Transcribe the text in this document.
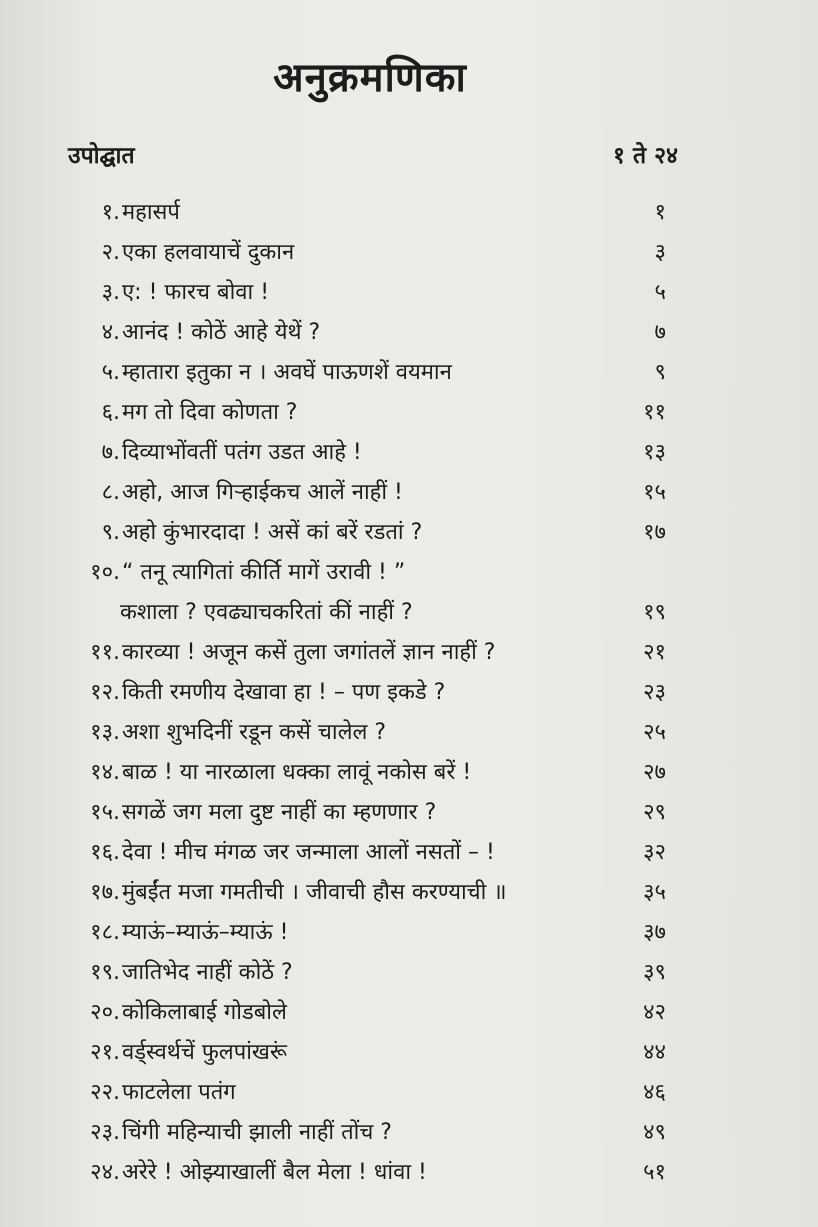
अनुक्रमणिका
उपोद्घात	१ ते २४
१. महासर्प	१
२. एका हलवायाचें दुकान	३
३. ए: ! फारच बोवा !	५
४. आनंद ! कोठें आहे येथें ?	७
५. म्हातारा इतुका न । अवघें पाऊणशें वयमान	९
६. मग तो दिवा कोणता ?	११
७. दिव्याभोंवतीं पतंग उडत आहे !	१३
८. अहो, आज गिऱ्हाईकच आलें नाहीं !	१५
९. अहो कुंभारदादा ! असें कां बरें रडतां ?	१७
१०. “ तनू त्यागितां कीर्ति मागें उरावी ! ”
कशाला ? एवढ्याचकरितां कीं नाहीं ?	१९
११. कारव्या ! अजून कसें तुला जगांतलें ज्ञान नाहीं ?	२१
१२. किती रमणीय देखावा हा ! – पण इकडे ?	२३
१३. अशा शुभदिनीं रडून कसें चालेल ?	२५
१४. बाळ ! या नारळाला धक्का लावूं नकोस बरें !	२७
१५. सगळें जग मला दुष्ट नाहीं का म्हणणार ?	२९
१६. देवा ! मीच मंगळ जर जन्माला आलों नसतों – !	३२
१७. मुंबईंत मजा गमतीची । जीवाची हौस करण्याची ॥	३५
१८. म्याऊं–म्याऊं–म्याऊं !	३७
१९. जातिभेद नाहीं कोठें ?	३९
२०. कोकिलाबाई गोडबोले	४२
२१. वर्ड्स्वर्थचें फुलपांखरूं	४४
२२. फाटलेला पतंग	४६
२३. चिंगी महिन्याची झाली नाहीं तोंच ?	४९
२४. अरेरे ! ओझ्याखालीं बैल मेला ! धांवा !	५१
